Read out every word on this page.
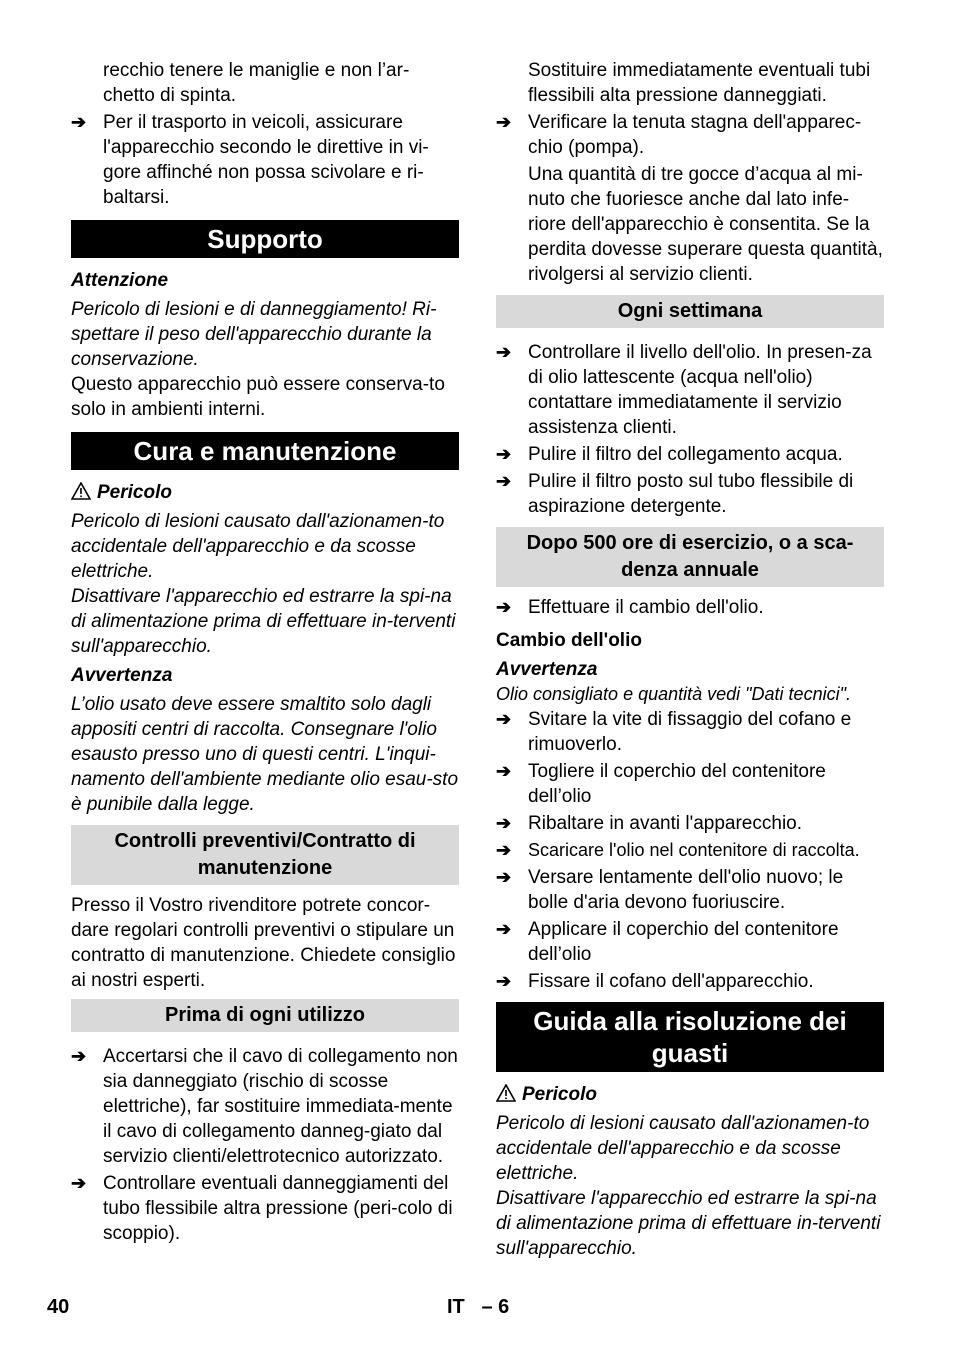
recchio tenere le maniglie e non l’ar-chetto di spinta.

➔ Per il trasporto in veicoli, assicurare l'apparecchio secondo le direttive in vi-gore affinché non possa scivolare e ri-baltarsi.
Supporto

Attenzione

Pericolo di lesioni e di danneggiamento! Ri-spettare il peso dell'apparecchio durante la conservazione.

Questo apparecchio può essere conserva-to solo in ambienti interni.

Cura e manutenzione

Pericolo

Pericolo di lesioni causato dall'azionamen-to accidentale dell'apparecchio e da scosse elettriche.

Disattivare l'apparecchio ed estrarre la spi-na di alimentazione prima di effettuare in-terventi sull'apparecchio.

Avvertenza

L’olio usato deve essere smaltito solo dagli appositi centri di raccolta. Consegnare l'olio esausto presso uno di questi centri. L'inqui-namento dell'ambiente mediante olio esau-sto è punibile dalla legge.

Controlli preventivi/Contratto di manutenzione

Presso il Vostro rivenditore potrete concor-dare regolari controlli preventivi o stipulare un contratto di manutenzione. Chiedete consiglio ai nostri esperti.

Prima di ogni utilizzo
➔ Accertarsi che il cavo di collegamento non sia danneggiato (rischio di scosse elettriche), far sostituire immediata-mente il cavo di collegamento danneg-giato dal servizio clienti/elettrotecnico autorizzato.
➔ Controllare eventuali danneggiamenti del tubo flessibile altra pressione (peri-colo di scoppio).

Sostituire immediatamente eventuali tubi flessibili alta pressione danneggiati.

➔ Verificare la tenuta stagna dell'apparec-chio (pompa).

Una quantità di tre gocce d’acqua al mi-nuto che fuoriesce anche dal lato infe-riore dell'apparecchio è consentita. Se la perdita dovesse superare questa quantità, rivolgersi al servizio clienti.

Ogni settimana
➔ Controllare il livello dell'olio. In presen-za di olio lattescente (acqua nell'olio) contattare immediatamente il servizio assistenza clienti.
➔ Pulire il filtro del collegamento acqua.
➔ Pulire il filtro posto sul tubo flessibile di aspirazione detergente.
Dopo 500 ore di esercizio, o a sca-denza annuale
➔ Effettuare il cambio dell'olio.

Cambio dell'olio

Avvertenza

Olio consigliato e quantità vedi "Dati tecnici".

➔ Svitare la vite di fissaggio del cofano e rimuoverlo.
➔ Togliere il coperchio del contenitore dell’olio
➔ Ribaltare in avanti l'apparecchio.
➔ Scaricare l'olio nel contenitore di raccolta.
➔ Versare lentamente dell'olio nuovo; le bolle d'aria devono fuoriuscire.
➔ Applicare il coperchio del contenitore dell’olio
➔ Fissare il cofano dell'apparecchio.
Guida alla risoluzione dei guasti

Pericolo

Pericolo di lesioni causato dall'azionamen-to accidentale dell'apparecchio e da scosse elettriche.

Disattivare l'apparecchio ed estrarre la spi-na di alimentazione prima di effettuare in-terventi sull'apparecchio.

40	IT   – 6
